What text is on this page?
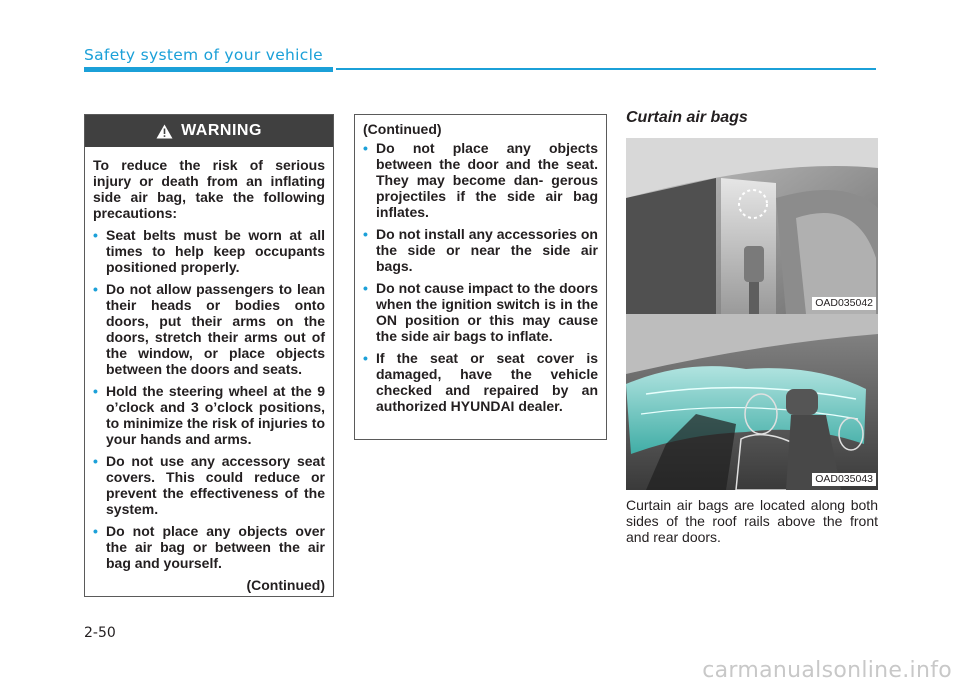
Safety system of your vehicle
WARNING

To reduce the risk of serious injury or death from an inflating side air bag, take the following precautions:

• Seat belts must be worn at all times to help keep occupants positioned properly.
• Do not allow passengers to lean their heads or bodies onto doors, put their arms on the doors, stretch their arms out of the window, or place objects between the doors and seats.
• Hold the steering wheel at the 9 o’clock and 3 o’clock positions, to minimize the risk of injuries to your hands and arms.
• Do not use any accessory seat covers. This could reduce or prevent the effectiveness of the system.
• Do not place any objects over the air bag or between the air bag and yourself.
(Continued)

(Continued)

• Do not place any objects between the door and the seat. They may become dan- gerous projectiles if the side air bag inflates.
• Do not install any accessories on the side or near the side air bags.
• Do not cause impact to the doors when the ignition switch is in the ON position or this may cause the side air bags to inflate.
• If the seat or seat cover is damaged, have the vehicle checked and repaired by an authorized HYUNDAI dealer.
Curtain air bags
OAD035042
OAD035043
Curtain air bags are located along both sides of the roof rails above the front and rear doors.
2-50
carmanualsonline.info
